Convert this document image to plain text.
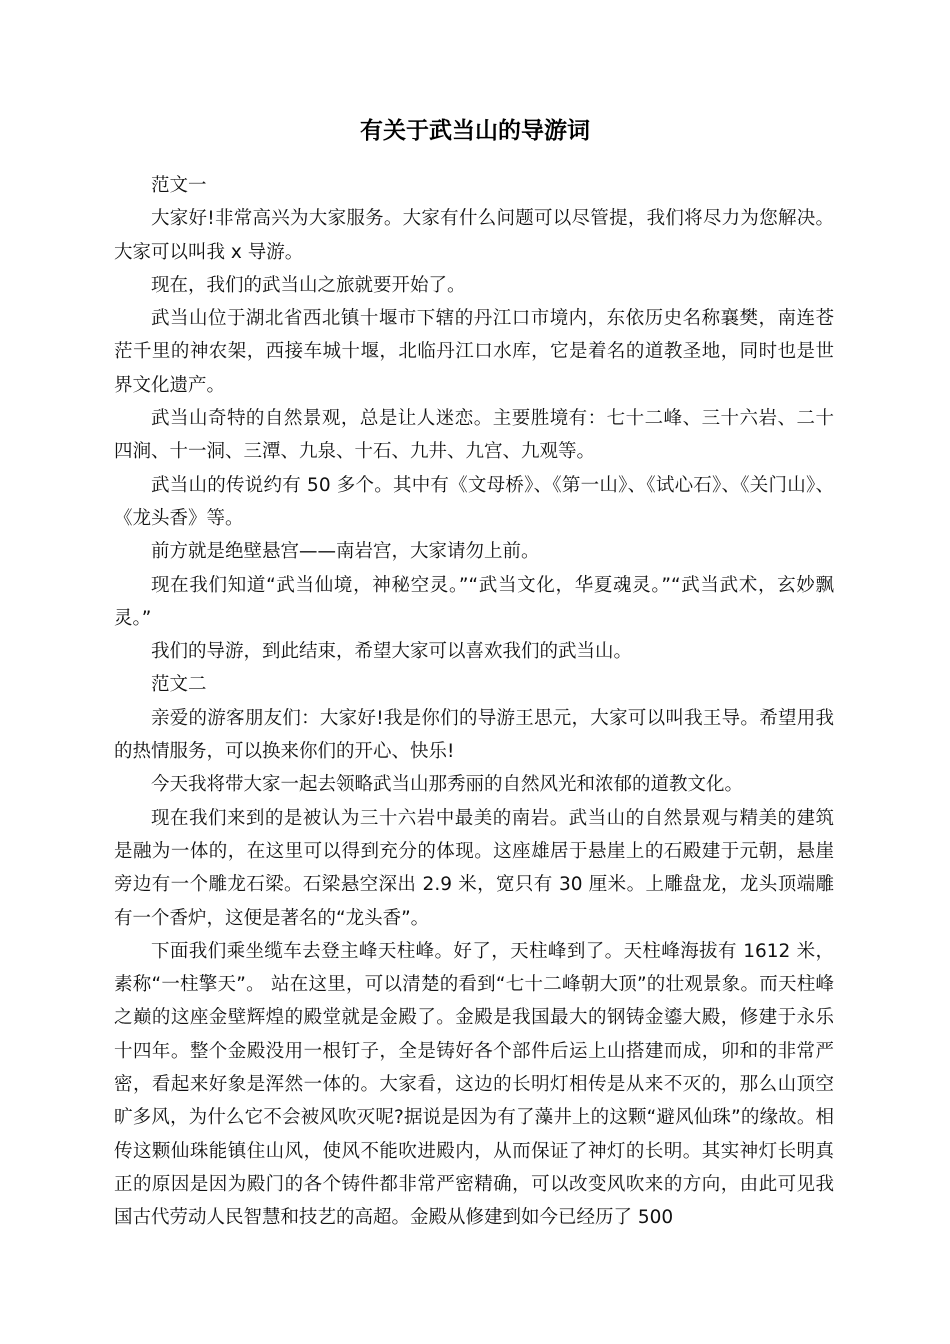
有关于武当山的导游词

范文一

大家好!非常高兴为大家服务。大家有什么问题可以尽管提，我们将尽力为您解决。大家可以叫我 x 导游。

现在，我们的武当山之旅就要开始了。

武当山位于湖北省西北镇十堰市下辖的丹江口市境内，东依历史名称襄樊，南连苍茫千里的神农架，西接车城十堰，北临丹江口水库，它是着名的道教圣地，同时也是世界文化遗产。

武当山奇特的自然景观，总是让人迷恋。主要胜境有：七十二峰、三十六岩、二十四涧、十一洞、三潭、九泉、十石、九井、九宫、九观等。

武当山的传说约有 50 多个。其中有《文母桥》、《第一山》、《试心石》、《关门山》、《龙头香》等。

前方就是绝壁悬宫——南岩宫，大家请勿上前。

现在我们知道“武当仙境，神秘空灵。”“武当文化，华夏魂灵。”“武当武术，玄妙飘灵。”

我们的导游，到此结束，希望大家可以喜欢我们的武当山。

范文二

亲爱的游客朋友们：大家好!我是你们的导游王思元，大家可以叫我王导。希望用我的热情服务，可以换来你们的开心、快乐!

今天我将带大家一起去领略武当山那秀丽的自然风光和浓郁的道教文化。

现在我们来到的是被认为三十六岩中最美的南岩。武当山的自然景观与精美的建筑是融为一体的，在这里可以得到充分的体现。这座雄居于悬崖上的石殿建于元朝，悬崖旁边有一个雕龙石梁。石梁悬空深出 2.9 米，宽只有 30 厘米。上雕盘龙，龙头顶端雕有一个香炉，这便是著名的“龙头香”。

下面我们乘坐缆车去登主峰天柱峰。好了，天柱峰到了。天柱峰海拔有 1612 米，素称“一柱擎天”。 站在这里，可以清楚的看到“七十二峰朝大顶”的壮观景象。而天柱峰之巅的这座金壁辉煌的殿堂就是金殿了。金殿是我国最大的钢铸金鎏大殿，修建于永乐十四年。整个金殿没用一根钉子，全是铸好各个部件后运上山搭建而成，卯和的非常严密，看起来好象是浑然一体的。大家看，这边的长明灯相传是从来不灭的，那么山顶空旷多风，为什么它不会被风吹灭呢?据说是因为有了藻井上的这颗“避风仙珠”的缘故。相传这颗仙珠能镇住山风，使风不能吹进殿内，从而保证了神灯的长明。其实神灯长明真正的原因是因为殿门的各个铸件都非常严密精确，可以改变风吹来的方向，由此可见我国古代劳动人民智慧和技艺的高超。金殿从修建到如今已经历了 500
